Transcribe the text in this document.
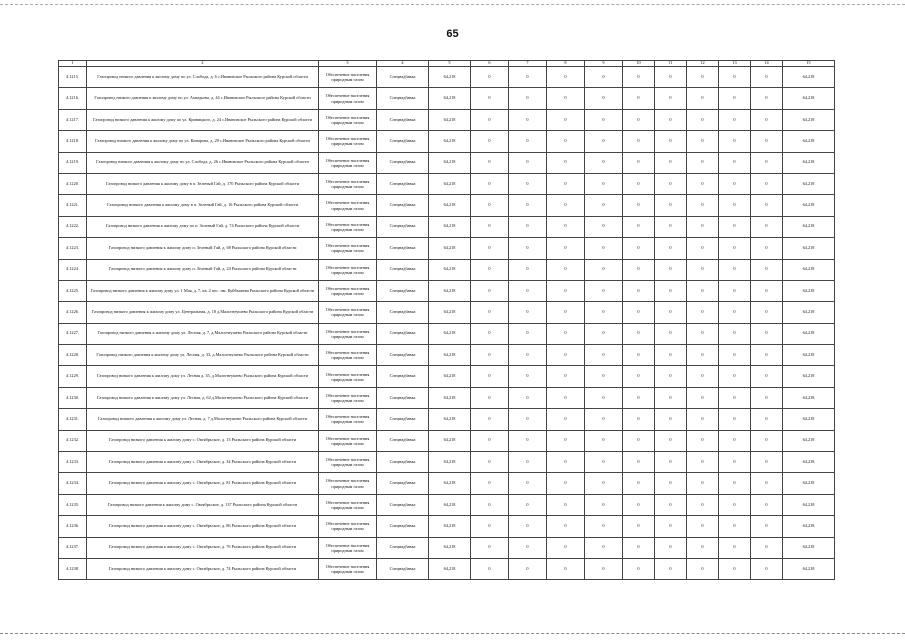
65
1	2	3	4	5	6	7	8	9	10	11	12	13	14	15
4.1215.	Газопровод низкого давления к жилому дому по ул. Слобода, д. 6 с.Ивановское Рыльского района Курской области	Обеспечение населения природным газом	Спецнадбавка	64,218	0	0	0	0	0	0	0	0	0	64,218
4.1216.	Газопровод низкого давления к жилому дому по ул. Ахвадьева, д. 44 с.Ивановское Рыльского района Курской области	Обеспечение населения природным газом	Спецнадбавка	64,218	0	0	0	0	0	0	0	0	0	64,218
4.1217.	Газопровод низкого давления к жилому дому по ул. Кривицкого, д. 24 с.Ивановское Рыльского района Курской области	Обеспечение населения природным газом	Спецнадбавка	64,218	0	0	0	0	0	0	0	0	0	64,218
4.1218.	Газопровод низкого давления к жилому дому по ул. Комарова, д. 29 с.Ивановское Рыльского района Курской области	Обеспечение населения природным газом	Спецнадбавка	64,218	0	0	0	0	0	0	0	0	0	64,218
4.1219.	Газопровод низкого давления к жилому дому по ул. Слобода, д. 26 с.Ивановское Рыльского района Курской области	Обеспечение населения природным газом	Спецнадбавка	64,218	0	0	0	0	0	0	0	0	0	64,218
4.1220.	Газопровод низкого давления к жилому дому в п. Зеленый Гай, д. 170 Рыльского района Курской области	Обеспечение населения природным газом	Спецнадбавка	64,218	0	0	0	0	0	0	0	0	0	64,218
4.1221.	Газопровод низкого давления к жилому дому в п. Зеленый Гай, д. 16 Рыльского района Курской области	Обеспечение населения природным газом	Спецнадбавка	64,218	0	0	0	0	0	0	0	0	0	64,218
4.1222.	Газопровод низкого давления к жилому дому по п. Зеленый Гай, д. 74 Рыльского района Курской области	Обеспечение населения природным газом	Спецнадбавка	64,218	0	0	0	0	0	0	0	0	0	64,218
4.1223.	Газопровод низкого давления к жилому дому п. Зеленый Гай, д. 68 Рыльского района Курской области	Обеспечение населения природным газом	Спецнадбавка	64,218	0	0	0	0	0	0	0	0	0	64,218
4.1224.	Газопровод низкого давления к жилому дому п. Зеленый Гай, д. 24 Рыльского района Курской области	Обеспечение населения природным газом	Спецнадбавка	64,218	0	0	0	0	0	0	0	0	0	64,218
4.1225.	Газопровод низкого давления к жилому дому ул. 1 Мая, д. 7, кв. 2 пос. им. Куйбышева Рыльского района Курской области	Обеспечение населения природным газом	Спецнадбавка	64,218	0	0	0	0	0	0	0	0	0	64,218
4.1226.	Газопровод низкого давления к жилому дому ул. Центральная, д. 18 д.Малогнеушево Рыльского района Курской области	Обеспечение населения природным газом	Спецнадбавка	64,218	0	0	0	0	0	0	0	0	0	64,218
4.1227.	Газопровод низкого давления к жилому дому ул. Лесная, д. 7, д.Малогнеушево Рыльского района Курской области	Обеспечение населения природным газом	Спецнадбавка	64,218	0	0	0	0	0	0	0	0	0	64,218
4.1228.	Газопровод низкого давления к жилому дому ул. Лесная, д. 33, д.Малогнеушево Рыльского района Курской области	Обеспечение населения природным газом	Спецнадбавка	64,218	0	0	0	0	0	0	0	0	0	64,218
4.1229.	Газопровод низкого давления к жилому дому ул. Лесная д. 35, д.Малогнеушево Рыльского района Курской области	Обеспечение населения природным газом	Спецнадбавка	64,218	0	0	0	0	0	0	0	0	0	64,218
4.1230.	Газопровод низкого давления к жилому дому ул. Лесная, д. 62 д.Малогнеушево Рыльского района Курской области	Обеспечение населения природным газом	Спецнадбавка	64,218	0	0	0	0	0	0	0	0	0	64,218
4.1231.	Газопровод низкого давления к жилому дому ул. Лесная, д. 7 д.Малогнеушево Рыльского района Курской области	Обеспечение населения природным газом	Спецнадбавка	64,218	0	0	0	0	0	0	0	0	0	64,218
4.1232.	Газопровод низкого давления к жилому дому с. Октябрьское, д. 13 Рыльского района Курской области	Обеспечение населения природным газом	Спецнадбавка	64,218	0	0	0	0	0	0	0	0	0	64,218
4.1233.	Газопровод низкого давления к жилому дому с. Октябрьское, д. 34 Рыльского района Курской области	Обеспечение населения природным газом	Спецнадбавка	64,218	0	0	0	0	0	0	0	0	0	64,218
4.1234.	Газопровод низкого давления к жилому дому с. Октябрьское, д. 81 Рыльского района Курской области	Обеспечение населения природным газом	Спецнадбавка	64,218	0	0	0	0	0	0	0	0	0	64,218
4.1235.	Газопровод низкого давления к жилому дому с. Октябрьское, д. 137 Рыльского района Курской области	Обеспечение населения природным газом	Спецнадбавка	64,218	0	0	0	0	0	0	0	0	0	64,218
4.1236.	Газопровод низкого давления к жилому дому с. Октябрьское, д. 86 Рыльского района Курской области	Обеспечение населения природным газом	Спецнадбавка	64,218	0	0	0	0	0	0	0	0	0	64,218
4.1237.	Газопровод низкого давления к жилому дому с. Октябрьское, д. 76 Рыльского района Курской области	Обеспечение населения природным газом	Спецнадбавка	64,218	0	0	0	0	0	0	0	0	0	64,218
4.1238.	Газопровод низкого давления к жилому дому с. Октябрьское, д. 74 Рыльского района Курской области	Обеспечение населения природным газом	Спецнадбавка	64,218	0	0	0	0	0	0	0	0	0	64,218
